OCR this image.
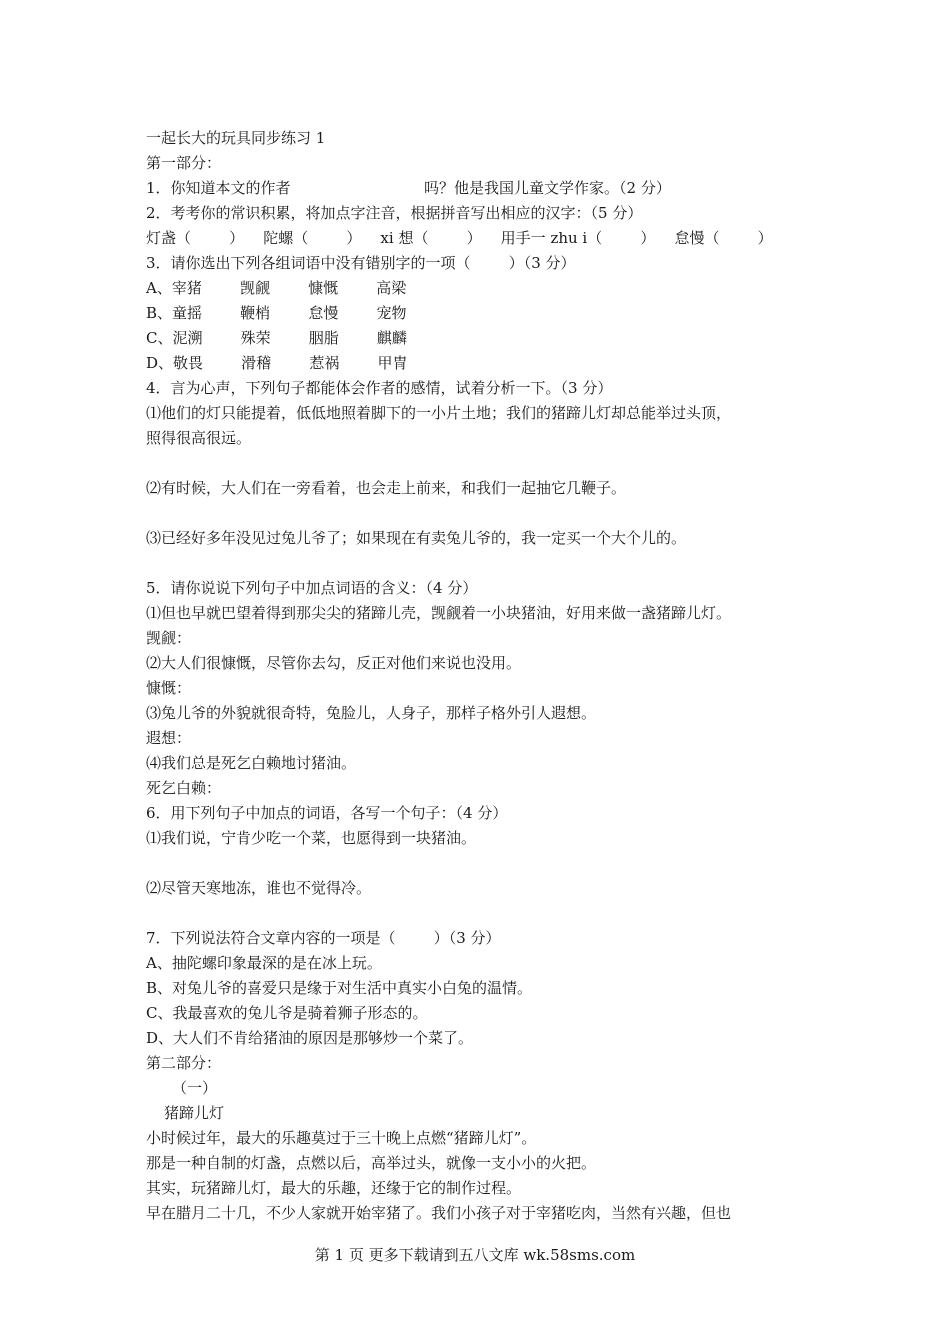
一起长大的玩具同步练习 1
第一部分：
1．你知道本文的作者                            吗？他是我国儿童文学作家。（2 分）
2．考考你的常识积累，将加点字注音，根据拼音写出相应的汉字：（5 分）
灯盏（        ）    陀螺（        ）    xi 想（        ）    用手一 zhu i（        ）    怠慢（        ）
3．请你选出下列各组词语中没有错别字的一项（        ）（3 分）
A、宰猪        觊觎        慷慨        高梁
B、童摇        鞭梢        怠慢        宠物
C、泥溯        殊荣        胭脂        麒麟
D、敬畏        滑稽        惹祸        甲冑
4．言为心声，下列句子都能体会作者的感情，试着分析一下。（3 分）
⑴他们的灯只能提着，低低地照着脚下的一小片土地；我们的猪蹄儿灯却总能举过头顶，
照得很高很远。
⑵有时候，大人们在一旁看着，也会走上前来，和我们一起抽它几鞭子。
⑶已经好多年没见过兔儿爷了；如果现在有卖兔儿爷的，我一定买一个大个儿的。
5．请你说说下列句子中加点词语的含义：（4 分）
⑴但也早就巴望着得到那尖尖的猪蹄儿壳，觊觎着一小块猪油，好用来做一盏猪蹄儿灯。
觊觎：
⑵大人们很慷慨，尽管你去勾，反正对他们来说也没用。
慷慨：
⑶兔儿爷的外貌就很奇特，兔脸儿，人身子，那样子格外引人遐想。
遐想：
⑷我们总是死乞白赖地讨猪油。
死乞白赖：
6．用下列句子中加点的词语，各写一个句子：（4 分）
⑴我们说，宁肯少吃一个菜，也愿得到一块猪油。
⑵尽管天寒地冻，谁也不觉得冷。
7．下列说法符合文章内容的一项是（        ）（3 分）
A、抽陀螺印象最深的是在冰上玩。
B、对兔儿爷的喜爱只是缘于对生活中真实小白兔的温情。
C、我最喜欢的兔儿爷是骑着狮子形态的。
D、大人们不肯给猪油的原因是那够炒一个菜了。
第二部分：
（一）
猪蹄儿灯
小时候过年，最大的乐趣莫过于三十晚上点燃“猪蹄儿灯”。
那是一种自制的灯盏，点燃以后，高举过头，就像一支小小的火把。
其实，玩猪蹄儿灯，最大的乐趣，还缘于它的制作过程。
早在腊月二十几，不少人家就开始宰猪了。我们小孩子对于宰猪吃肉，当然有兴趣，但也
第 1 页 更多下载请到五八文库 wk.58sms.com
